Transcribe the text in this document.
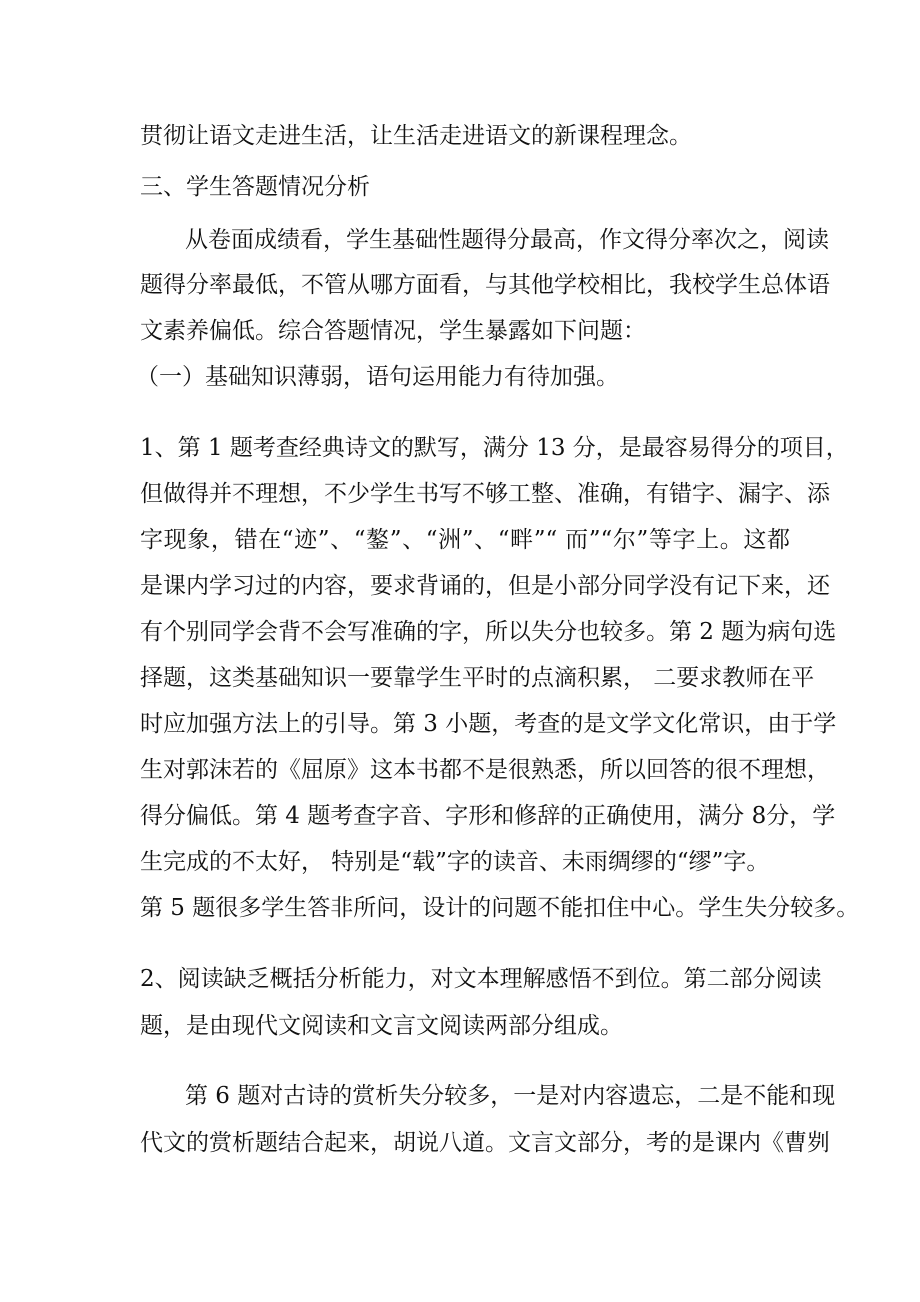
贯彻让语文走进生活，让生活走进语文的新课程理念。
三、学生答题情况分析
从卷面成绩看，学生基础性题得分最高，作文得分率次之，阅读
题得分率最低，不管从哪方面看，与其他学校相比，我校学生总体语
文素养偏低。综合答题情况，学生暴露如下问题：
（一）基础知识薄弱，语句运用能力有待加强。
1、第 1 题考查经典诗文的默写，满分 13 分，是最容易得分的项目，
但做得并不理想，不少学生书写不够工整、准确，有错字、漏字、添
字现象，错在“迹”、“鏊”、“洲”、“畔”“ 而”“尔”等字上。这都
是课内学习过的内容，要求背诵的，但是小部分同学没有记下来，还
有个别同学会背不会写准确的字，所以失分也较多。第 2 题为病句选
择题，这类基础知识一要靠学生平时的点滴积累， 二要求教师在平
时应加强方法上的引导。第 3 小题，考查的是文学文化常识，由于学
生对郭沫若的《屈原》这本书都不是很熟悉，所以回答的很不理想，
得分偏低。第 4 题考查字音、字形和修辞的正确使用，满分 8分，学
生完成的不太好， 特别是“载”字的读音、未雨绸缪的“缪”字。
第 5 题很多学生答非所问，设计的问题不能扣住中心。学生失分较多。
2、阅读缺乏概括分析能力，对文本理解感悟不到位。第二部分阅读
题，是由现代文阅读和文言文阅读两部分组成。
第 6 题对古诗的赏析失分较多，一是对内容遗忘，二是不能和现
代文的赏析题结合起来，胡说八道。文言文部分，考的是课内《曹刿
